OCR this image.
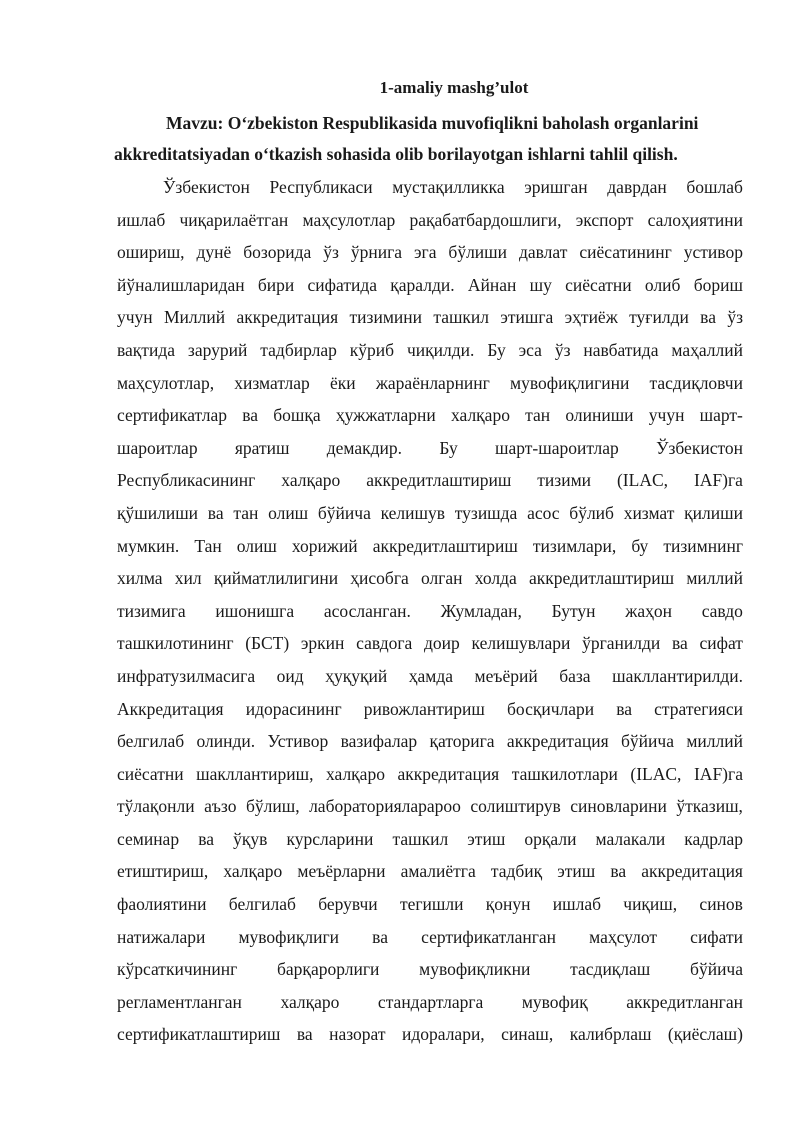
1-amaliy mashg’ulot

Mavzu: O‘zbekiston Respublikasida muvofiqlikni baholash organlarini
akkreditatsiyadan o‘tkazish sohasida olib borilayotgan ishlarni tahlil qilish.

Ўзбекистон Республикаси мустақилликка эришган даврдан бошлаб
ишлаб чиқарилаётган маҳсулотлар рақабатбардошлиги, экспорт салоҳиятини
ошириш, дунё бозорида ўз ўрнига эга бўлиши давлат сиёсатининг устивор
йўналишларидан бири сифатида қаралди. Айнан шу сиёсатни олиб бориш
учун Миллий аккредитация тизимини ташкил этишга эҳтиёж туғилди ва ўз
вақтида зарурий тадбирлар кўриб чиқилди. Бу эса ўз навбатида маҳаллий
маҳсулотлар, хизматлар ёки жараёнларнинг мувофиқлигини тасдиқловчи
сертификатлар ва бошқа ҳужжатларни халқаро тан олиниши учун шарт-
шароитлар яратиш демакдир. Бу шарт-шароитлар Ўзбекистон
Республикасининг халқаро аккредитлаштириш тизими (ILAC, IAF)га
қўшилиши ва тан олиш бўйича келишув тузишда асос бўлиб хизмат қилиши
мумкин. Тан олиш хорижий аккредитлаштириш тизимлари, бу тизимнинг
хилма хил қийматлилигини ҳисобга олган холда аккредитлаштириш миллий
тизимига ишонишга асосланган. Жумладан, Бутун жаҳон савдо
ташкилотининг (БСТ) эркин савдога доир келишувлари ўрганилди ва сифат
инфратузилмасига оид ҳуқуқий ҳамда меъёрий база шакллантирилди.
Аккредитация идорасининг ривожлантириш босқичлари ва стратегияси
белгилаб олинди. Устивор вазифалар қаторига аккредитация бўйича миллий
сиёсатни шакллантириш, халқаро аккредитация ташкилотлари (ILAC, IAF)га
тўлақонли аъзо бўлиш, лабораторияларароо солиштирув синовларини ўтказиш,
семинар ва ўқув курсларини ташкил этиш орқали малакали кадрлар
етиштириш, халқаро меъёрларни амалиётга тадбиқ этиш ва аккредитация
фаолиятини белгилаб берувчи тегишли қонун ишлаб чиқиш, синов
натижалари мувофиқлиги ва сертификатланган маҳсулот сифати
кўрсаткичининг барқарорлиги мувофиқликни тасдиқлаш бўйича
регламентланган халқаро стандартларга мувофиқ аккредитланган
сертификатлаштириш ва назорат идоралари, синаш, калибрлаш (қиёслаш)
